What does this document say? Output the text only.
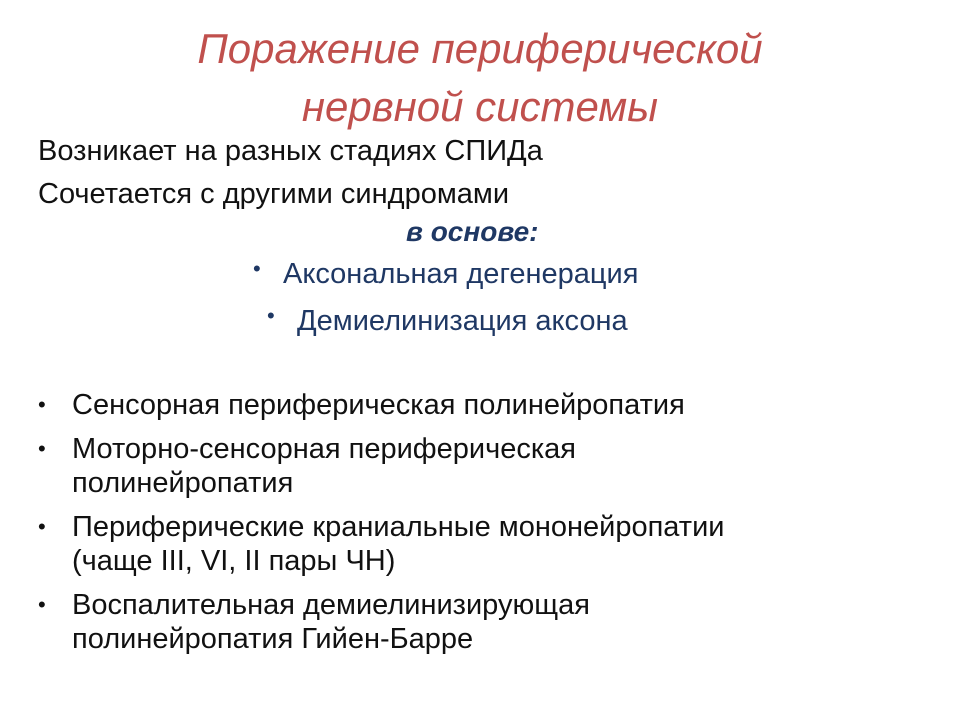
Поражение периферической
нервной системы
Возникает на разных стадиях СПИДа
Сочетается с другими синдромами
в основе:
• Аксональная дегенерация
• Демиелинизация аксона
• Сенсорная периферическая полинейропатия
• Моторно-сенсорная периферическая
полинейропатия
• Периферические краниальные мононейропатии
(чаще III, VI, II пары ЧН)
• Воспалительная демиелинизирующая
полинейропатия Гийен-Барре
